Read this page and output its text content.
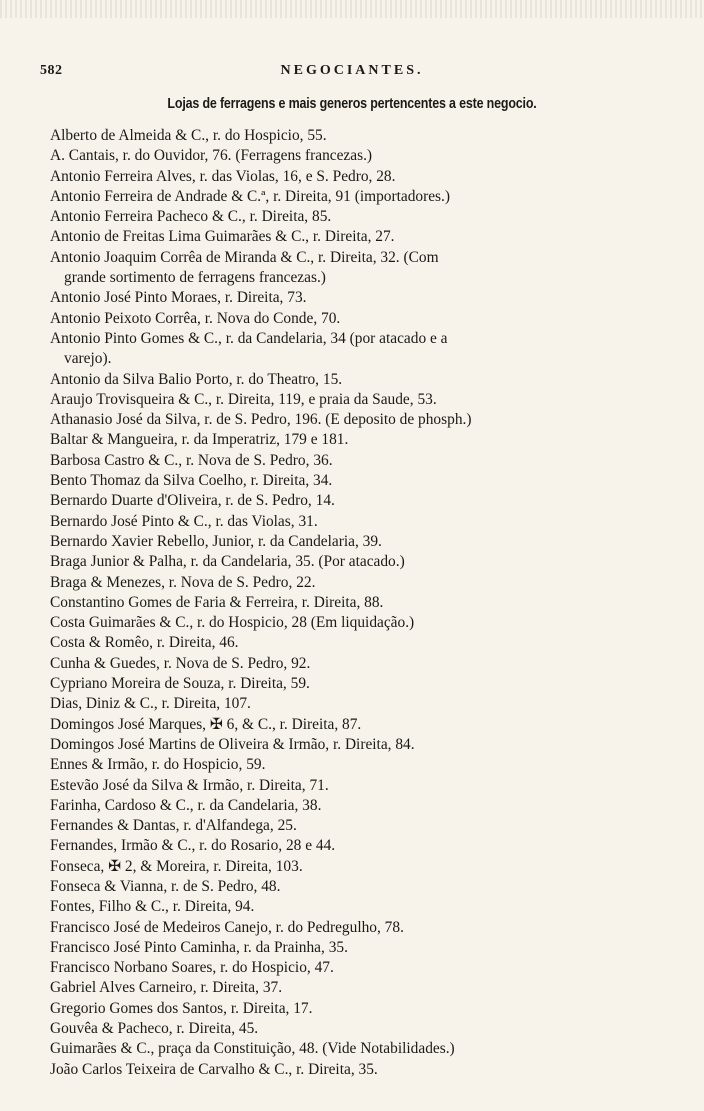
582	NEGOCIANTES.
Lojas de ferragens e mais generos pertencentes a este negocio.
Alberto de Almeida & C., r. do Hospicio, 55.
A. Cantais, r. do Ouvidor, 76. (Ferragens francezas.)
Antonio Ferreira Alves, r. das Violas, 16, e S. Pedro, 28.
Antonio Ferreira de Andrade & C.ª, r. Direita, 91 (importadores.)
Antonio Ferreira Pacheco & C., r. Direita, 85.
Antonio de Freitas Lima Guimarães & C., r. Direita, 27.
Antonio Joaquim Corrêa de Miranda & C., r. Direita, 32. (Com
grande sortimento de ferragens francezas.)
Antonio José Pinto Moraes, r. Direita, 73.
Antonio Peixoto Corrêa, r. Nova do Conde, 70.
Antonio Pinto Gomes & C., r. da Candelaria, 34 (por atacado e a
varejo).
Antonio da Silva Balio Porto, r. do Theatro, 15.
Araujo Trovisqueira & C., r. Direita, 119, e praia da Saude, 53.
Athanasio José da Silva, r. de S. Pedro, 196. (E deposito de phosph.)
Baltar & Mangueira, r. da Imperatriz, 179 e 181.
Barbosa Castro & C., r. Nova de S. Pedro, 36.
Bento Thomaz da Silva Coelho, r. Direita, 34.
Bernardo Duarte d'Oliveira, r. de S. Pedro, 14.
Bernardo José Pinto & C., r. das Violas, 31.
Bernardo Xavier Rebello, Junior, r. da Candelaria, 39.
Braga Junior & Palha, r. da Candelaria, 35. (Por atacado.)
Braga & Menezes, r. Nova de S. Pedro, 22.
Constantino Gomes de Faria & Ferreira, r. Direita, 88.
Costa Guimarães & C., r. do Hospicio, 28 (Em liquidação.)
Costa & Romêo, r. Direita, 46.
Cunha & Guedes, r. Nova de S. Pedro, 92.
Cypriano Moreira de Souza, r. Direita, 59.
Dias, Diniz & C., r. Direita, 107.
Domingos José Marques, ✠ 6, & C., r. Direita, 87.
Domingos José Martins de Oliveira & Irmão, r. Direita, 84.
Ennes & Irmão, r. do Hospicio, 59.
Estevão José da Silva & Irmão, r. Direita, 71.
Farinha, Cardoso & C., r. da Candelaria, 38.
Fernandes & Dantas, r. d'Alfandega, 25.
Fernandes, Irmão & C., r. do Rosario, 28 e 44.
Fonseca, ✠ 2, & Moreira, r. Direita, 103.
Fonseca & Vianna, r. de S. Pedro, 48.
Fontes, Filho & C., r. Direita, 94.
Francisco José de Medeiros Canejo, r. do Pedregulho, 78.
Francisco José Pinto Caminha, r. da Prainha, 35.
Francisco Norbano Soares, r. do Hospicio, 47.
Gabriel Alves Carneiro, r. Direita, 37.
Gregorio Gomes dos Santos, r. Direita, 17.
Gouvêa & Pacheco, r. Direita, 45.
Guimarães & C., praça da Constituição, 48. (Vide Notabilidades.)
João Carlos Teixeira de Carvalho & C., r. Direita, 35.
